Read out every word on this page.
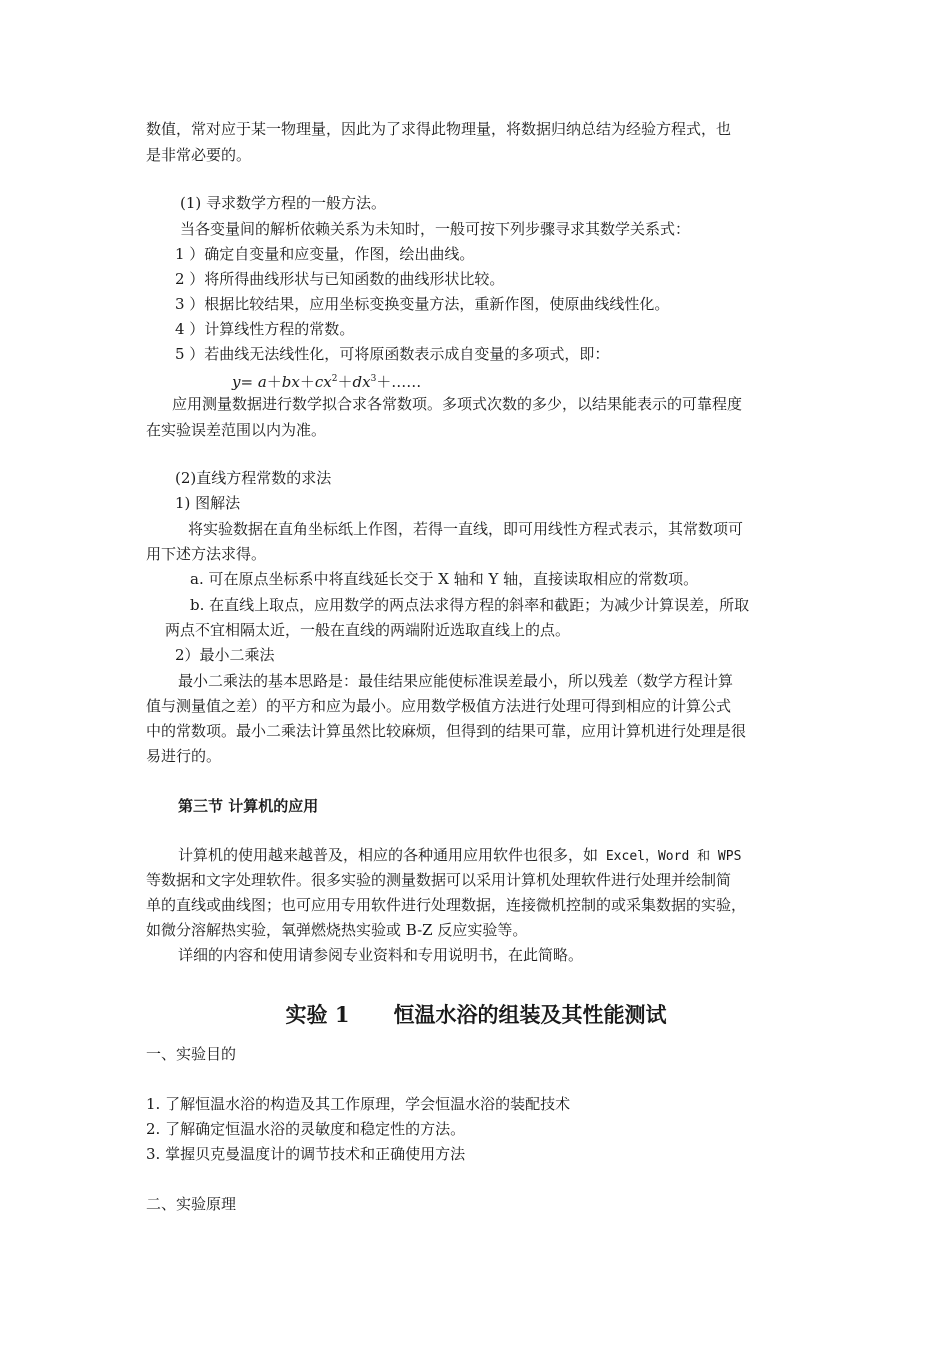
数值，常对应于某一物理量，因此为了求得此物理量，将数据归纳总结为经验方程式，也

是非常必要的。

(1) 寻求数学方程的一般方法。

当各变量间的解析依赖关系为未知时，一般可按下列步骤寻求其数学关系式：

1 ）确定自变量和应变量，作图，绘出曲线。

2 ）将所得曲线形状与已知函数的曲线形状比较。

3 ）根据比较结果，应用坐标变换变量方法，重新作图，使原曲线线性化。

4 ）计算线性方程的常数。

5 ）若曲线无法线性化，可将原函数表示成自变量的多项式，即：

$y= a+bx+cx^2+dx^3+\dots\dots$

应用测量数据进行数学拟合求各常数项。多项式次数的多少，以结果能表示的可靠程度

在实验误差范围以内为准。

(2)直线方程常数的求法

1) 图解法

将实验数据在直角坐标纸上作图，若得一直线，即可用线性方程式表示，其常数项可

用下述方法求得。

a. 可在原点坐标系中将直线延长交于 X 轴和 Y 轴，直接读取相应的常数项。

b. 在直线上取点，应用数学的两点法求得方程的斜率和截距；为减少计算误差，所取

两点不宜相隔太近，一般在直线的两端附近选取直线上的点。

2）最小二乘法

最小二乘法的基本思路是：最佳结果应能使标准误差最小，所以残差（数学方程计算

值与测量值之差）的平方和应为最小。应用数学极值方法进行处理可得到相应的计算公式

中的常数项。最小二乘法计算虽然比较麻烦，但得到的结果可靠，应用计算机进行处理是很

易进行的。

第三节 计算机的应用

计算机的使用越来越普及，相应的各种通用应用软件也很多，如 Excel，Word 和 WPS

等数据和文字处理软件。很多实验的测量数据可以采用计算机处理软件进行处理并绘制简

单的直线或曲线图；也可应用专用软件进行处理数据，连接微机控制的或采集数据的实验，

如微分溶解热实验，氧弹燃烧热实验或 B-Z 反应实验等。

详细的内容和使用请参阅专业资料和专用说明书，在此简略。

实验 1 恒温水浴的组装及其性能测试

一、实验目的

1. 了解恒温水浴的构造及其工作原理，学会恒温水浴的装配技术

2. 了解确定恒温水浴的灵敏度和稳定性的方法。

3. 掌握贝克曼温度计的调节技术和正确使用方法

二、实验原理
